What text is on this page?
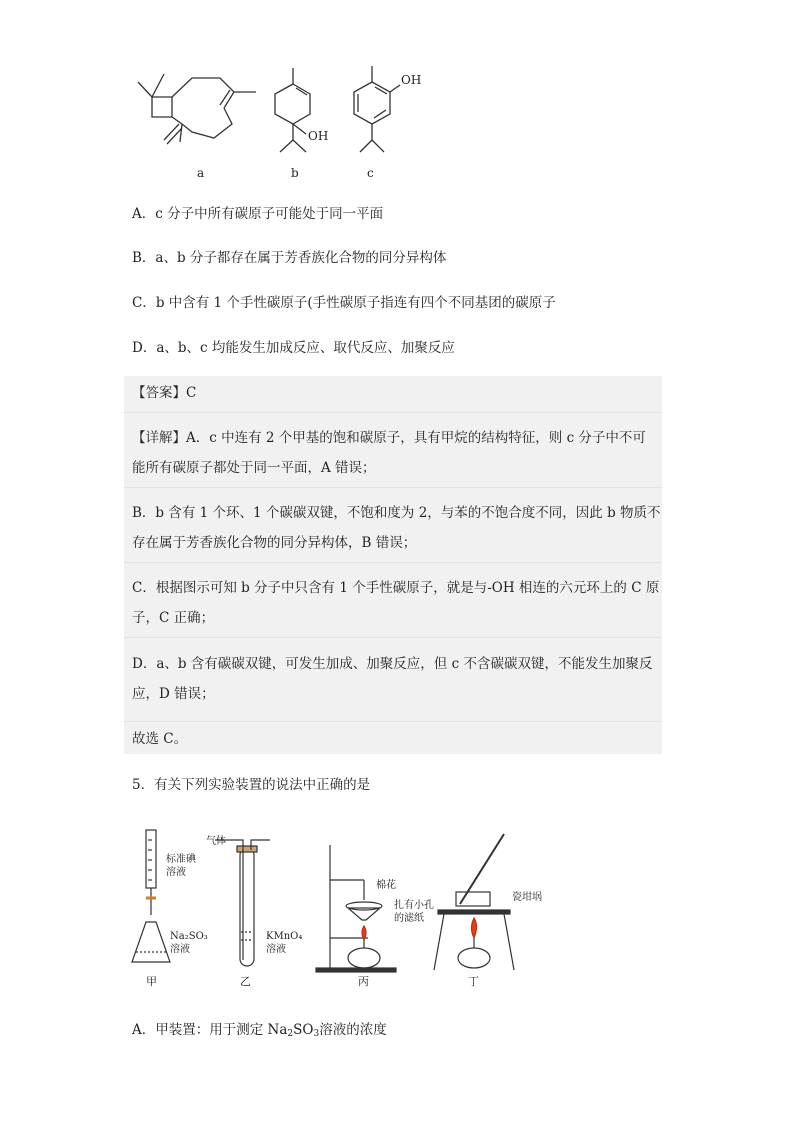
OH
OH
a	b	c
A．c 分子中所有碳原子可能处于同一平面
B．a、b 分子都存在属于芳香族化合物的同分异构体
C．b 中含有 1 个手性碳原子(手性碳原子指连有四个不同基团的碳原子
D．a、b、c 均能发生加成反应、取代反应、加聚反应
【答案】C
【详解】A．c 中连有 2 个甲基的饱和碳原子，具有甲烷的结构特征，则 c 分子中不可
能所有碳原子都处于同一平面，A 错误；
B．b 含有 1 个环、1 个碳碳双键，不饱和度为 2，与苯的不饱合度不同，因此 b 物质不
存在属于芳香族化合物的同分异构体，B 错误；
C．根据图示可知 b 分子中只含有 1 个手性碳原子，就是与-OH 相连的六元环上的 C 原
子，C 正确；
D．a、b 含有碳碳双键，可发生加成、加聚反应，但 c 不含碳碳双键，不能发生加聚反
应，D 错误；
故选 C。
5．有关下列实验装置的说法中正确的是
标准碘
溶液
Na₂SO₃
溶液
甲
气体
KMnO₄
溶液
乙
棉花
扎有小孔
的滤纸
丙
瓷坩埚
丁
A．甲装置：用于测定 $Na_2SO_3$溶液的浓度
